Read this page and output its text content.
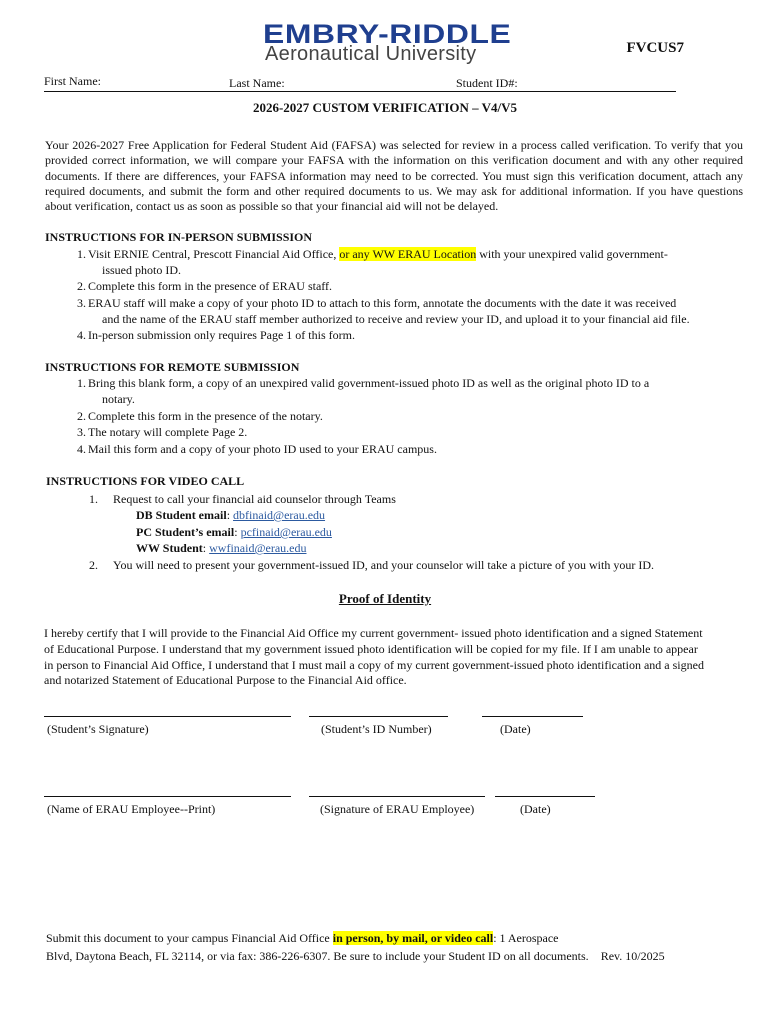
EMBRY-RIDDLE
Aeronautical University	FVCUS7
First Name:	Last Name:	Student ID#:
2026-2027 CUSTOM VERIFICATION – V4/V5
Your 2026-2027 Free Application for Federal Student Aid (FAFSA) was selected for review in a process called verification. To verify that you provided correct information, we will compare your FAFSA with the information on this verification document and with any other required documents. If there are differences, your FAFSA information may need to be corrected. You must sign this verification document, attach any required documents, and submit the form and other required documents to us. We may ask for additional information. If you have questions about verification, contact us as soon as possible so that your financial aid will not be delayed.
INSTRUCTIONS FOR IN-PERSON SUBMISSION
1. Visit ERNIE Central, Prescott Financial Aid Office, or any WW ERAU Location with your unexpired valid government-
issued photo ID.
2. Complete this form in the presence of ERAU staff.
3. ERAU staff will make a copy of your photo ID to attach to this form, annotate the documents with the date it was received
and the name of the ERAU staff member authorized to receive and review your ID, and upload it to your financial aid file.
4. In-person submission only requires Page 1 of this form.
INSTRUCTIONS FOR REMOTE SUBMISSION
1. Bring this blank form, a copy of an unexpired valid government-issued photo ID as well as the original photo ID to a
notary.
2. Complete this form in the presence of the notary.
3. The notary will complete Page 2.
4. Mail this form and a copy of your photo ID used to your ERAU campus.
INSTRUCTIONS FOR VIDEO CALL
1. Request to call your financial aid counselor through Teams
DB Student email: dbfinaid@erau.edu
PC Student’s email: pcfinaid@erau.edu
WW Student: wwfinaid@erau.edu
2. You will need to present your government-issued ID, and your counselor will take a picture of you with your ID.
Proof of Identity
I hereby certify that I will provide to the Financial Aid Office my current government- issued photo identification and a signed Statement of Educational Purpose. I understand that my government issued photo identification will be copied for my file. If I am unable to appear in person to Financial Aid Office, I understand that I must mail a copy of my current government-issued photo identification and a signed and notarized Statement of Educational Purpose to the Financial Aid office.
(Student’s Signature)	(Student’s ID Number)	(Date)
(Name of ERAU Employee--Print)	(Signature of ERAU Employee)	(Date)
Submit this document to your campus Financial Aid Office in person, by mail, or video call: 1 Aerospace
Blvd, Daytona Beach, FL 32114, or via fax: 386-226-6307. Be sure to include your Student ID on all documents. Rev. 10/2025
